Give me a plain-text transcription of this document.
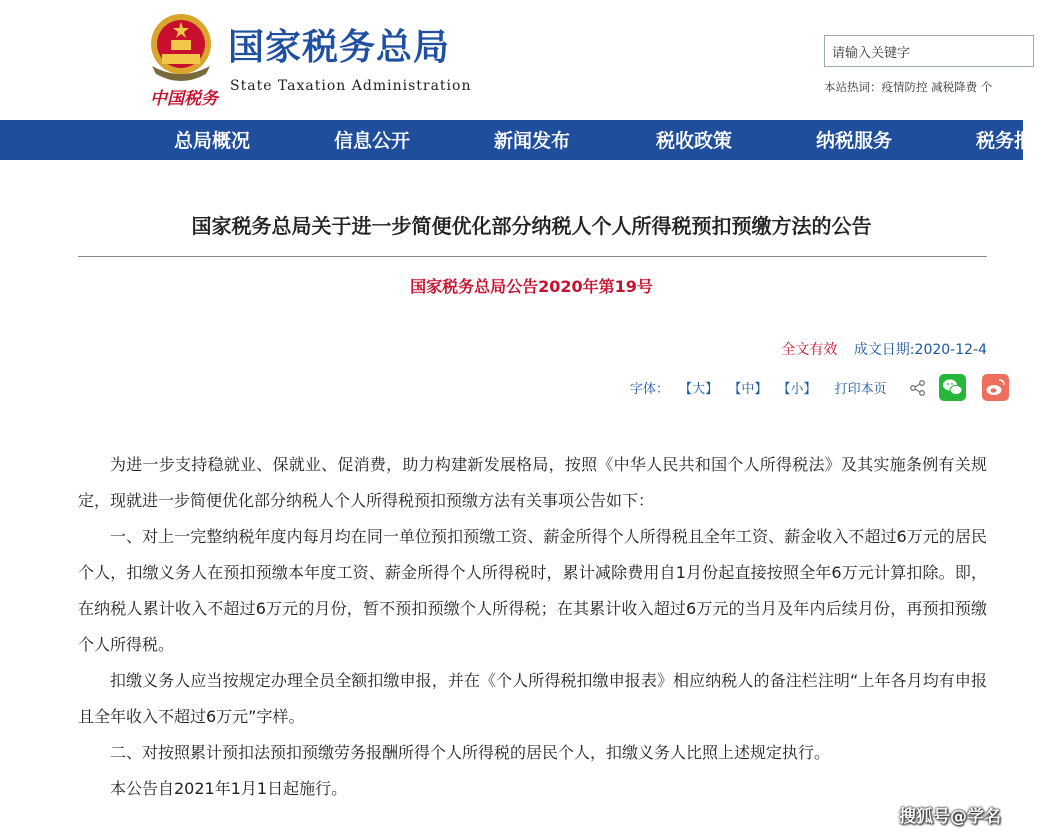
中国税务
国家税务总局
State Taxation Administration
请输入关键字
本站热词：疫情防控 减税降费 个
总局概况	信息公开	新闻发布	税收政策	纳税服务	税务报
国家税务总局关于进一步简便优化部分纳税人个人所得税预扣预缴方法的公告
国家税务总局公告2020年第19号
全文有效 成文日期:2020-12-4
字体： 【大】 【中】 【小】 打印本页

为进一步支持稳就业、保就业、促消费，助力构建新发展格局，按照《中华人民共和国个人所得税法》及其实施条例有关规定，现就进一步简便优化部分纳税人个人所得税预扣预缴方法有关事项公告如下：

一、对上一完整纳税年度内每月均在同一单位预扣预缴工资、薪金所得个人所得税且全年工资、薪金收入不超过6万元的居民个人，扣缴义务人在预扣预缴本年度工资、薪金所得个人所得税时，累计减除费用自1月份起直接按照全年6万元计算扣除。即，在纳税人累计收入不超过6万元的月份，暂不预扣预缴个人所得税；在其累计收入超过6万元的当月及年内后续月份，再预扣预缴个人所得税。

扣缴义务人应当按规定办理全员全额扣缴申报，并在《个人所得税扣缴申报表》相应纳税人的备注栏注明“上年各月均有申报且全年收入不超过6万元”字样。

二、对按照累计预扣法预扣预缴劳务报酬所得个人所得税的居民个人，扣缴义务人比照上述规定执行。

本公告自2021年1月1日起施行。

搜狐号@学名
